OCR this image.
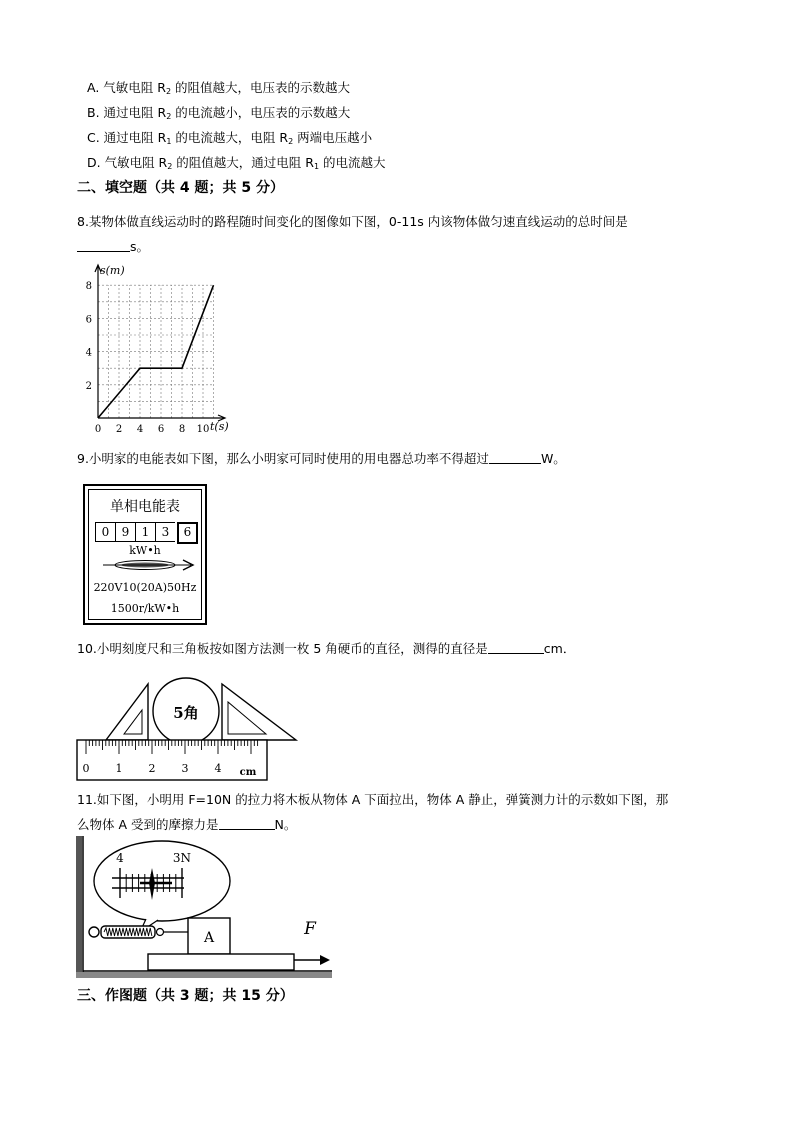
A. 气敏电阻 $R_2$ 的阻值越大，电压表的示数越大
B. 通过电阻 $R_2$ 的电流越小，电压表的示数越大
C. 通过电阻 $R_1$ 的电流越大，电阻 $R_2$ 两端电压越小
D. 气敏电阻 $R_2$ 的阻值越大，通过电阻 $R_1$ 的电流越大
二、填空题（共 4 题；共 5 分）
8.某物体做直线运动时的路程随时间变化的图像如下图，0-11s 内该物体做匀速直线运动的总时间是
s。
s(m)
t(s)
0 2 4 6 8 10
2
4
6
8
9.小明家的电能表如下图，那么小明家可同时使用的用电器总功率不得超过	W。
单相电能表
0	9	1	3	6
kW•h
220V10(20A)50Hz
1500r/kW•h
10.小明刻度尺和三角板按如图方法测一枚 5 角硬币的直径，测得的直径是	cm．
5角
0 1 2 3 4 cm
11.如下图，小明用 F=10N 的拉力将木板从物体 A 下面拉出，物体 A 静止，弹簧测力计的示数如下图，那
么物体 A 受到的摩擦力是	N。
4	3N
A	F
三、作图题（共 3 题；共 15 分）
